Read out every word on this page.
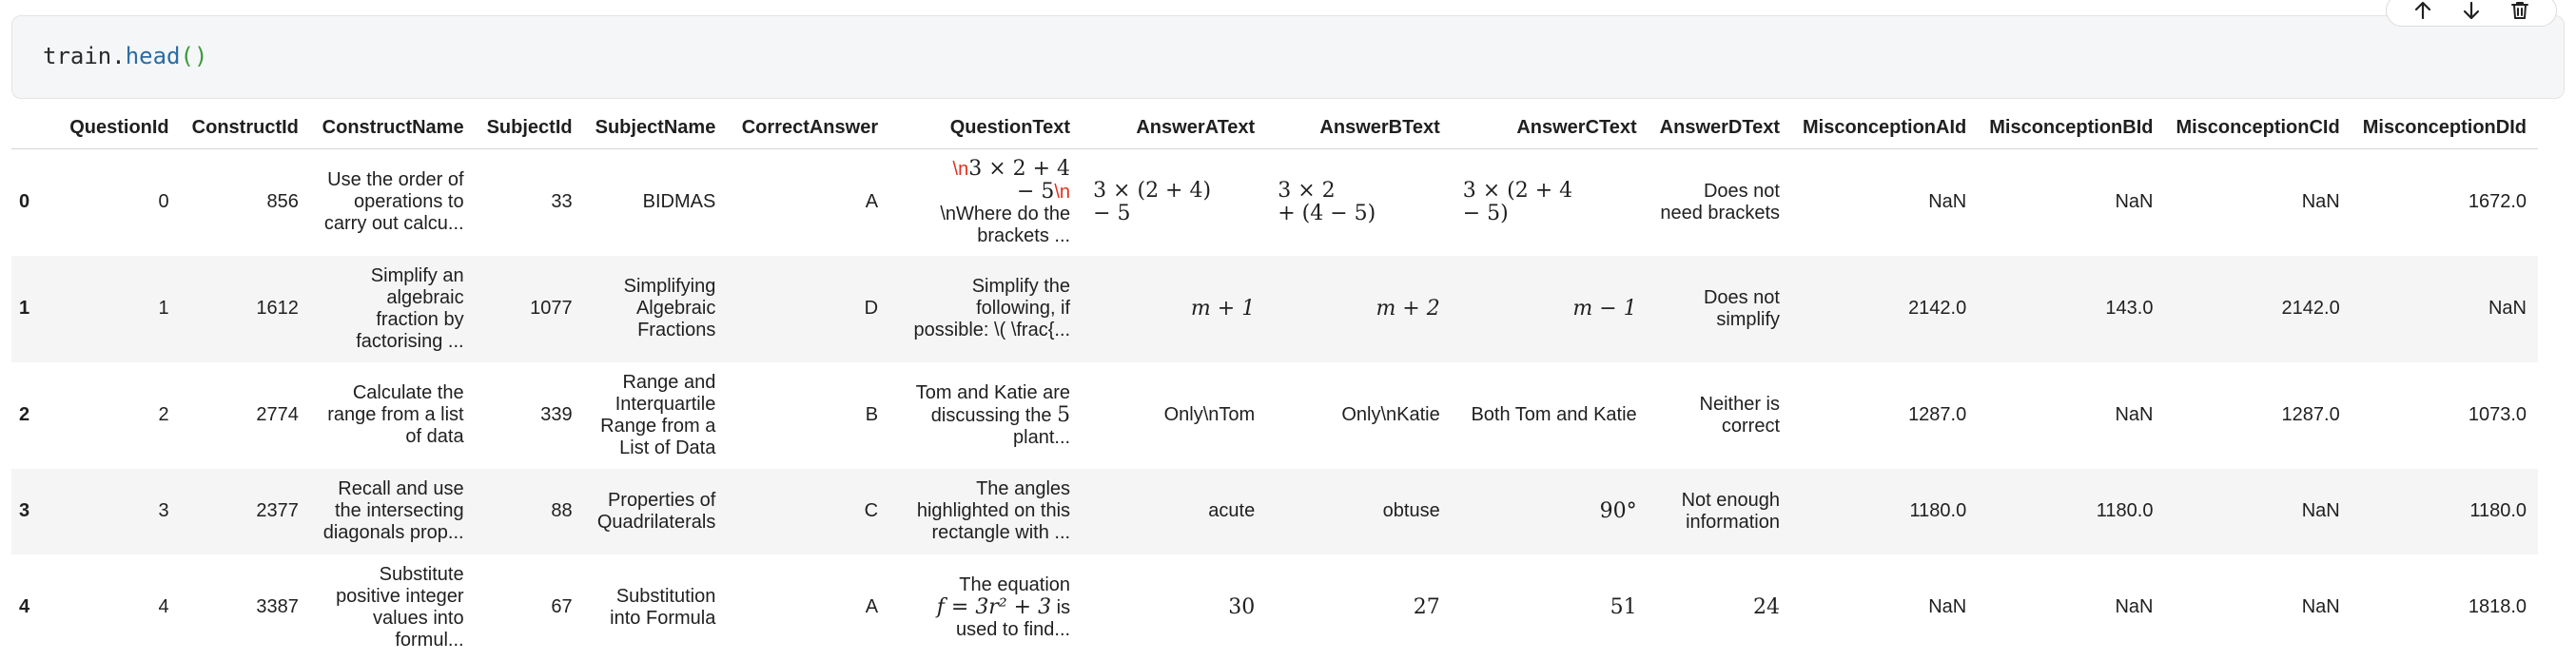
train.head()
	QuestionId	ConstructId	ConstructName	SubjectId	SubjectName	CorrectAnswer	QuestionText	AnswerAText	AnswerBText	AnswerCText	AnswerDText	MisconceptionAId	MisconceptionBId	MisconceptionCId	MisconceptionDId
0	0	856	Use the order of operations to carry out calcu...	33	BIDMAS	A	\n3 × 2 + 4
− 5\n
\nWhere do the brackets ...	3 × (2 + 4)
− 5	3 × 2
+ (4 − 5)	3 × (2 + 4
− 5)	Does not need brackets	NaN	NaN	NaN	1672.0
1	1	1612	Simplify an algebraic fraction by factorising ...	1077	Simplifying Algebraic Fractions	D	Simplify the following, if possible: \( \frac{...	m + 1	m + 2	m − 1	Does not simplify	2142.0	143.0	2142.0	NaN
2	2	2774	Calculate the range from a list of data	339	Range and Interquartile Range from a List of Data	B	Tom and Katie are discussing the 5 plant...	Only\nTom	Only\nKatie	Both Tom and Katie	Neither is correct	1287.0	NaN	1287.0	1073.0
3	3	2377	Recall and use the intersecting diagonals prop...	88	Properties of Quadrilaterals	C	The angles highlighted on this rectangle with ...	acute	obtuse	90°	Not enough information	1180.0	1180.0	NaN	1180.0
4	4	3387	Substitute positive integer values into formul...	67	Substitution into Formula	A	The equation
f = 3r² + 3 is used to find...	30	27	51	24	NaN	NaN	NaN	1818.0
